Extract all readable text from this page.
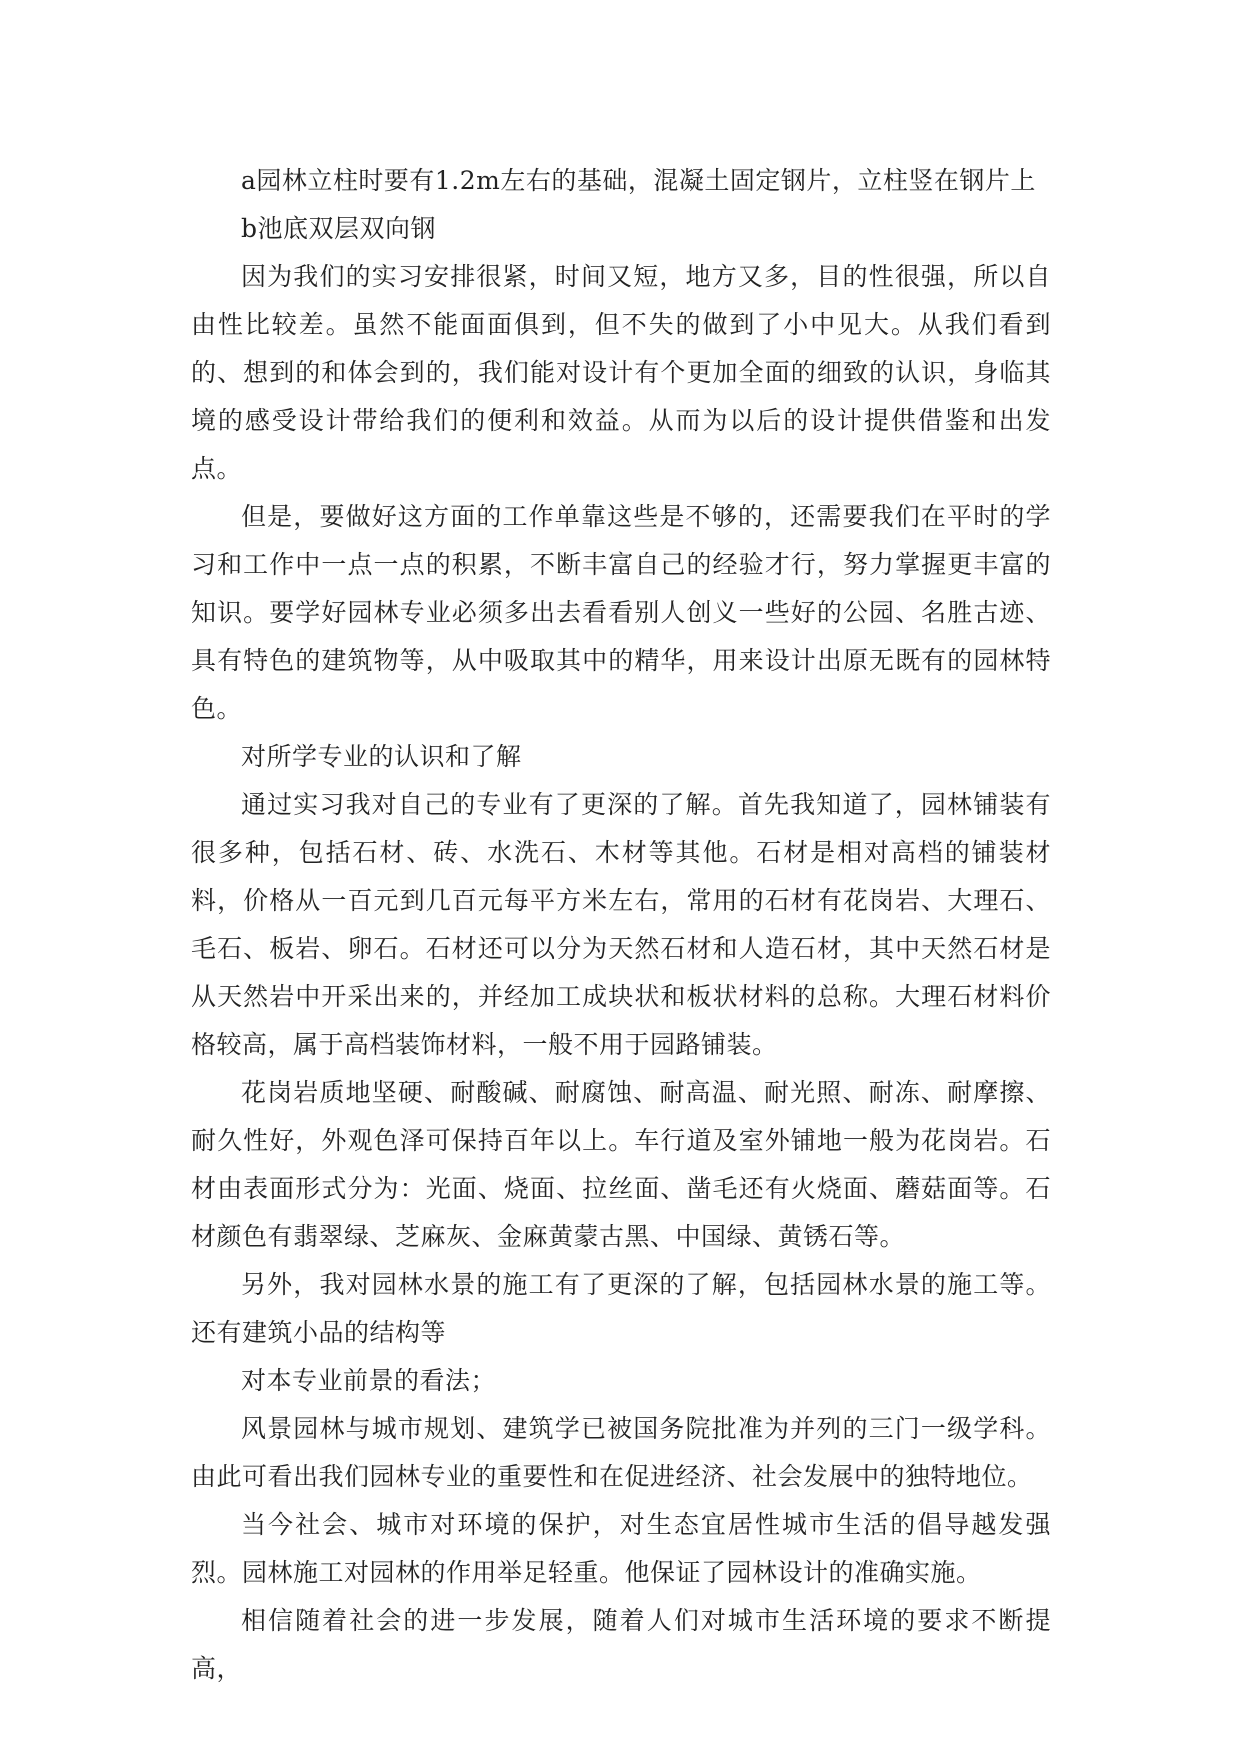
a园林立柱时要有1.2m左右的基础，混凝土固定钢片，立柱竖在钢片上

b池底双层双向钢

因为我们的实习安排很紧，时间又短，地方又多，目的性很强，所以自由性比较差。虽然不能面面俱到，但不失的做到了小中见大。从我们看到的、想到的和体会到的，我们能对设计有个更加全面的细致的认识，身临其境的感受设计带给我们的便利和效益。从而为以后的设计提供借鉴和出发点。

但是，要做好这方面的工作单靠这些是不够的，还需要我们在平时的学习和工作中一点一点的积累，不断丰富自己的经验才行，努力掌握更丰富的知识。要学好园林专业必须多出去看看别人创义一些好的公园、名胜古迹、具有特色的建筑物等，从中吸取其中的精华，用来设计出原无既有的园林特色。

对所学专业的认识和了解

通过实习我对自己的专业有了更深的了解。首先我知道了，园林铺装有很多种，包括石材、砖、水洗石、木材等其他。石材是相对高档的铺装材料，价格从一百元到几百元每平方米左右，常用的石材有花岗岩、大理石、毛石、板岩、卵石。石材还可以分为天然石材和人造石材，其中天然石材是从天然岩中开采出来的，并经加工成块状和板状材料的总称。大理石材料价格较高，属于高档装饰材料，一般不用于园路铺装。

花岗岩质地坚硬、耐酸碱、耐腐蚀、耐高温、耐光照、耐冻、耐摩擦、耐久性好，外观色泽可保持百年以上。车行道及室外铺地一般为花岗岩。石材由表面形式分为：光面、烧面、拉丝面、凿毛还有火烧面、蘑菇面等。石材颜色有翡翠绿、芝麻灰、金麻黄蒙古黑、中国绿、黄锈石等。

另外，我对园林水景的施工有了更深的了解，包括园林水景的施工等。还有建筑小品的结构等

对本专业前景的看法；

风景园林与城市规划、建筑学已被国务院批准为并列的三门一级学科。由此可看出我们园林专业的重要性和在促进经济、社会发展中的独特地位。

当今社会、城市对环境的保护，对生态宜居性城市生活的倡导越发强烈。园林施工对园林的作用举足轻重。他保证了园林设计的准确实施。

相信随着社会的进一步发展，随着人们对城市生活环境的要求不断提高，
